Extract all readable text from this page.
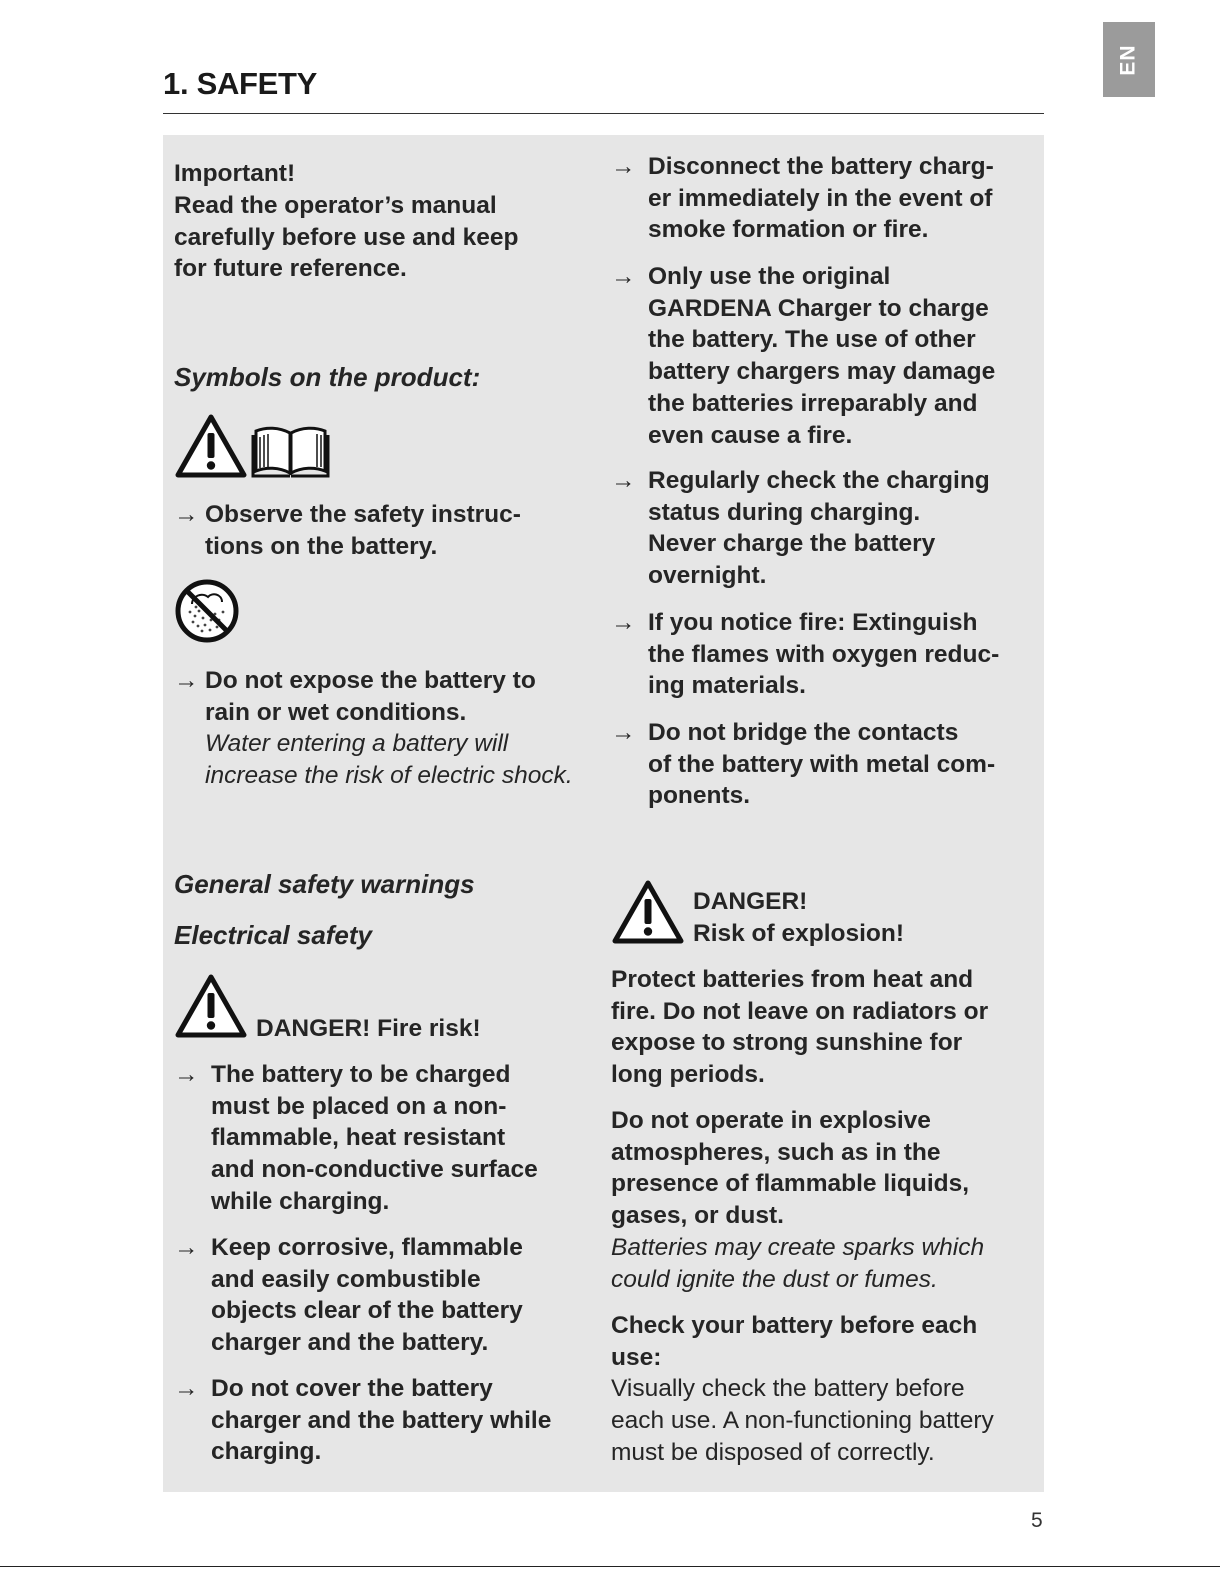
EN
1. SAFETY

Important!

Read the operator’s manual
carefully before use and keep
for future reference.

Symbols on the product:

→ Observe the safety instruc-
tions on the battery.

→ Do not expose the battery to
rain or wet conditions.
Water entering a battery will
increase the risk of electric shock.

General safety warnings

Electrical safety

DANGER! Fire risk!

→ The battery to be charged
must be placed on a non-
flammable, heat resistant
and non-conductive surface
while charging.

→ Keep corrosive, flammable
and easily combustible
objects clear of the battery
charger and the battery.

→ Do not cover the battery
charger and the battery while
charging.

→ Disconnect the battery charg-
er immediately in the event of
smoke formation or fire.

→ Only use the original
GARDENA Charger to charge
the battery. The use of other
battery chargers may damage
the batteries irreparably and
even cause a fire.

→ Regularly check the charging
status during charging.
Never charge the battery
overnight.

→ If you notice fire: Extinguish
the flames with oxygen reduc-
ing materials.

→ Do not bridge the contacts
of the battery with metal com-
ponents.

DANGER!
Risk of explosion!

Protect batteries from heat and
fire. Do not leave on radiators or
expose to strong sunshine for
long periods.

Do not operate in explosive
atmospheres, such as in the
presence of flammable liquids,
gases, or dust.
Batteries may create sparks which
could ignite the dust or fumes.

Check your battery before each
use:
Visually check the battery before
each use. A non-functioning battery
must be disposed of correctly.

5
